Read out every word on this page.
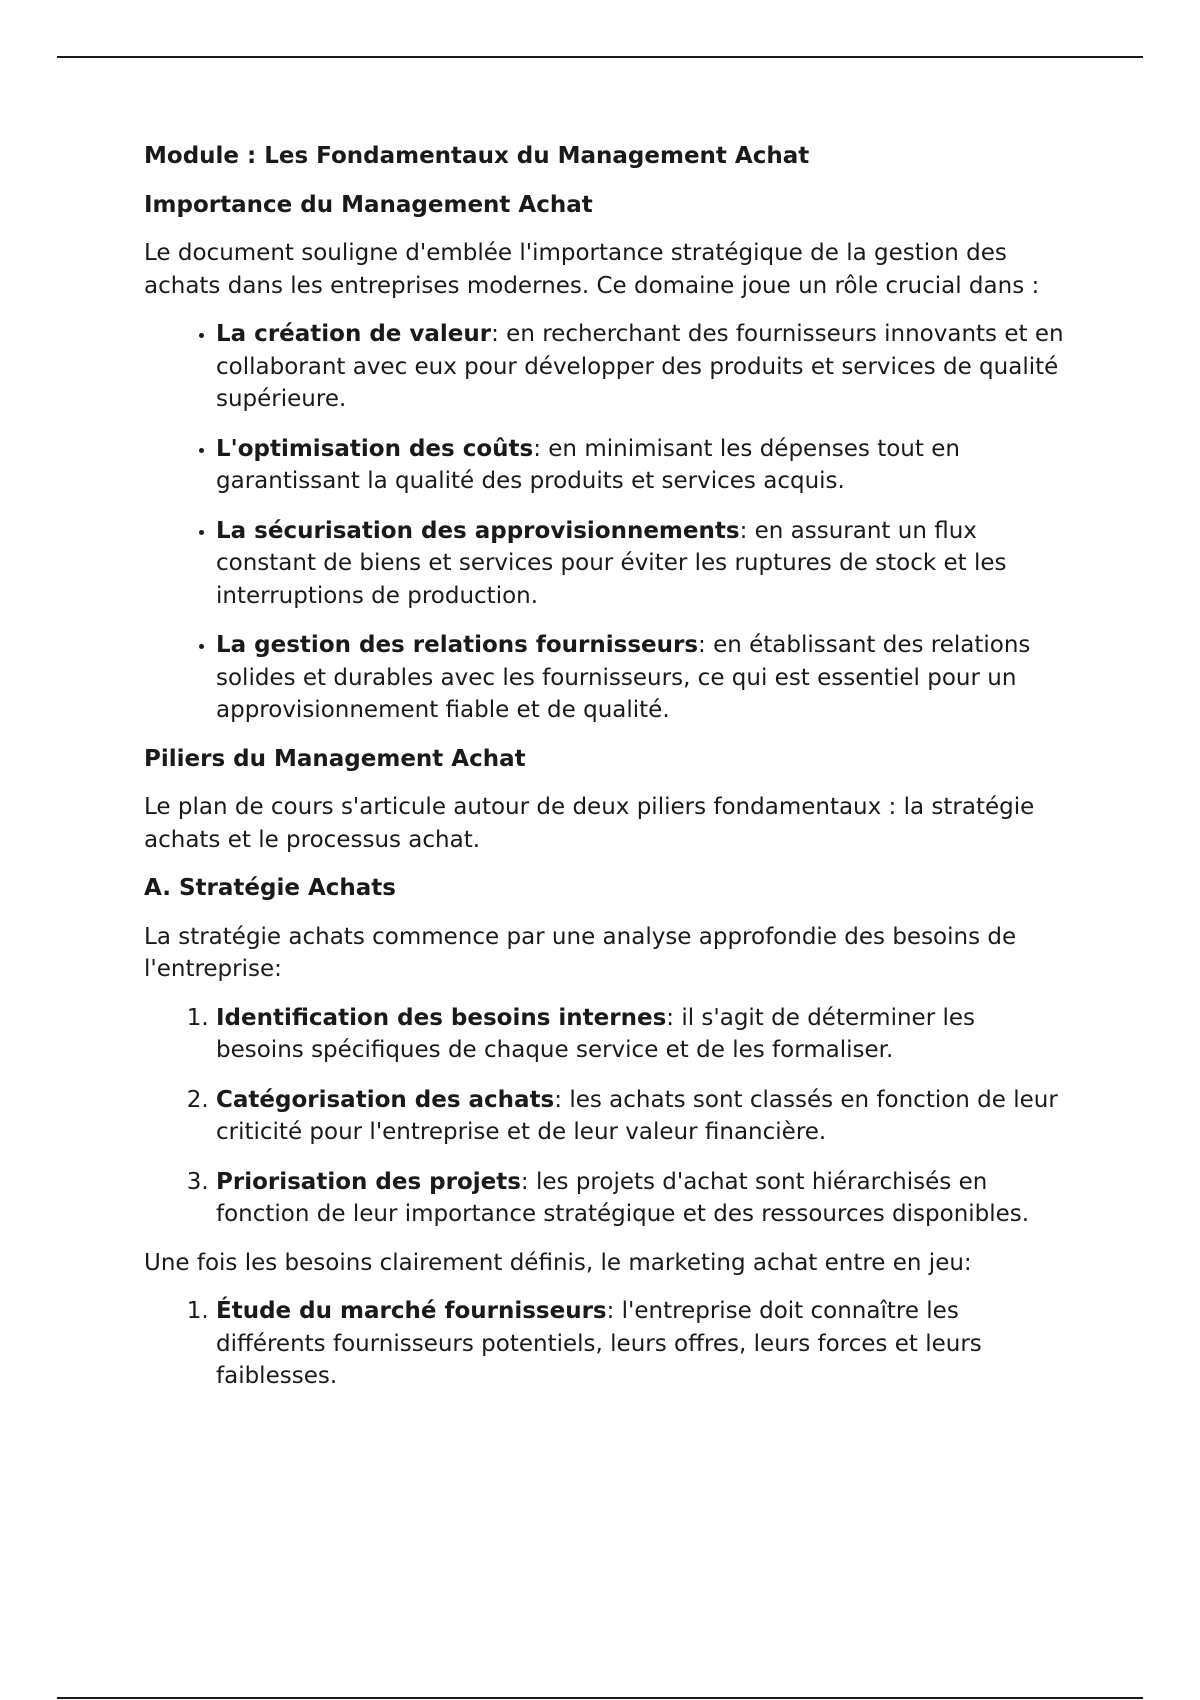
Module : Les Fondamentaux du Management Achat
Importance du Management Achat

Le document souligne d'emblée l'importance stratégique de la gestion des achats dans les entreprises modernes. Ce domaine joue un rôle crucial dans :

• La création de valeur: en recherchant des fournisseurs innovants et en collaborant avec eux pour développer des produits et services de qualité supérieure.
• L'optimisation des coûts: en minimisant les dépenses tout en garantissant la qualité des produits et services acquis.
• La sécurisation des approvisionnements: en assurant un flux constant de biens et services pour éviter les ruptures de stock et les interruptions de production.
• La gestion des relations fournisseurs: en établissant des relations solides et durables avec les fournisseurs, ce qui est essentiel pour un approvisionnement fiable et de qualité.
Piliers du Management Achat

Le plan de cours s'articule autour de deux piliers fondamentaux : la stratégie achats et le processus achat.

A. Stratégie Achats

La stratégie achats commence par une analyse approfondie des besoins de l'entreprise:

1. Identification des besoins internes: il s'agit de déterminer les besoins spécifiques de chaque service et de les formaliser.
2. Catégorisation des achats: les achats sont classés en fonction de leur criticité pour l'entreprise et de leur valeur financière.
3. Priorisation des projets: les projets d'achat sont hiérarchisés en fonction de leur importance stratégique et des ressources disponibles.

Une fois les besoins clairement définis, le marketing achat entre en jeu:

1. Étude du marché fournisseurs: l'entreprise doit connaître les différents fournisseurs potentiels, leurs offres, leurs forces et leurs faiblesses.
